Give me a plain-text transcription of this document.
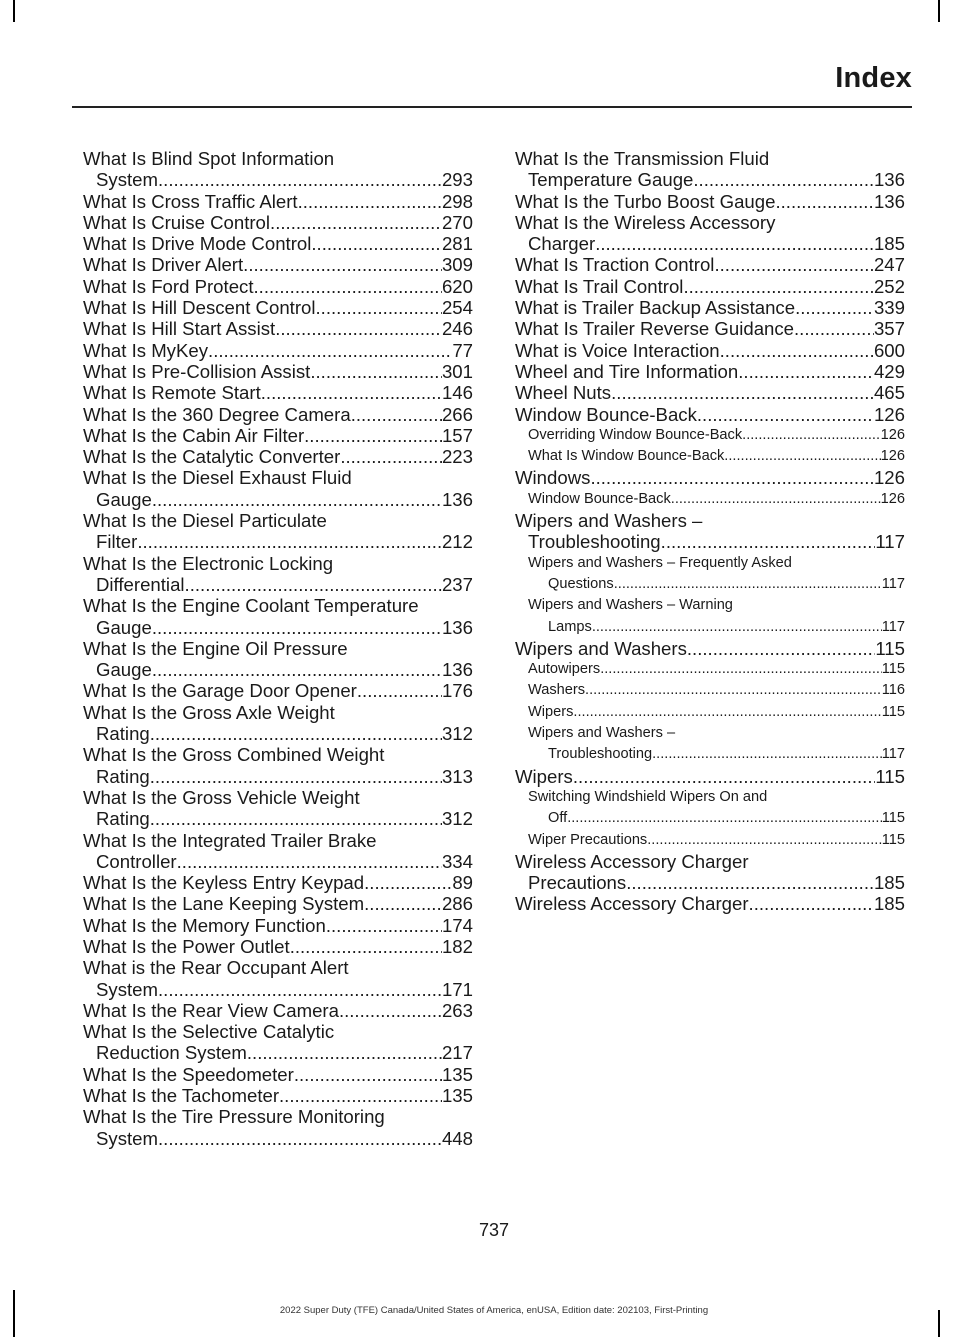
Index
What Is Blind Spot Information
System .....	293
What Is Cross Traffic Alert .....	298
What Is Cruise Control .....	270
What Is Drive Mode Control .....	281
What Is Driver Alert .....	309
What Is Ford Protect .....	620
What Is Hill Descent Control .....	254
What Is Hill Start Assist .....	246
What Is MyKey .....	77
What Is Pre-Collision Assist .....	301
What Is Remote Start .....	146
What Is the 360 Degree Camera .....	266
What Is the Cabin Air Filter .....	157
What Is the Catalytic Converter .....	223
What Is the Diesel Exhaust Fluid
Gauge .....	136
What Is the Diesel Particulate
Filter .....	212
What Is the Electronic Locking
Differential .....	237
What Is the Engine Coolant Temperature
Gauge .....	136
What Is the Engine Oil Pressure
Gauge .....	136
What Is the Garage Door Opener .....	176
What Is the Gross Axle Weight
Rating .....	312
What Is the Gross Combined Weight
Rating .....	313
What Is the Gross Vehicle Weight
Rating .....	312
What Is the Integrated Trailer Brake
Controller .....	334
What Is the Keyless Entry Keypad .....	89
What Is the Lane Keeping System .....	286
What Is the Memory Function .....	174
What Is the Power Outlet .....	182
What is the Rear Occupant Alert
System .....	171
What Is the Rear View Camera .....	263
What Is the Selective Catalytic
Reduction System .....	217
What Is the Speedometer .....	135
What Is the Tachometer .....	135
What Is the Tire Pressure Monitoring
System .....	448
What Is the Transmission Fluid
Temperature Gauge .....	136
What Is the Turbo Boost Gauge .....	136
What Is the Wireless Accessory
Charger .....	185
What Is Traction Control .....	247
What Is Trail Control .....	252
What is Trailer Backup Assistance .....	339
What Is Trailer Reverse Guidance .....	357
What is Voice Interaction .....	600
Wheel and Tire Information .....	429
Wheel Nuts .....	465
Window Bounce-Back .....	126
Overriding Window Bounce-Back .....	126
What Is Window Bounce-Back .....	126
Windows .....	126
Window Bounce-Back .....	126
Wipers and Washers –
Troubleshooting .....	117
Wipers and Washers – Frequently Asked
Questions .....	117
Wipers and Washers – Warning
Lamps .....	117
Wipers and Washers .....	115
Autowipers .....	115
Washers .....	116
Wipers .....	115
Wipers and Washers –
Troubleshooting .....	117
Wipers .....	115
Switching Windshield Wipers On and
Off .....	115
Wiper Precautions .....	115
Wireless Accessory Charger
Precautions .....	185
Wireless Accessory Charger .....	185
737
2022 Super Duty (TFE) Canada/United States of America, enUSA, Edition date: 202103, First-Printing
